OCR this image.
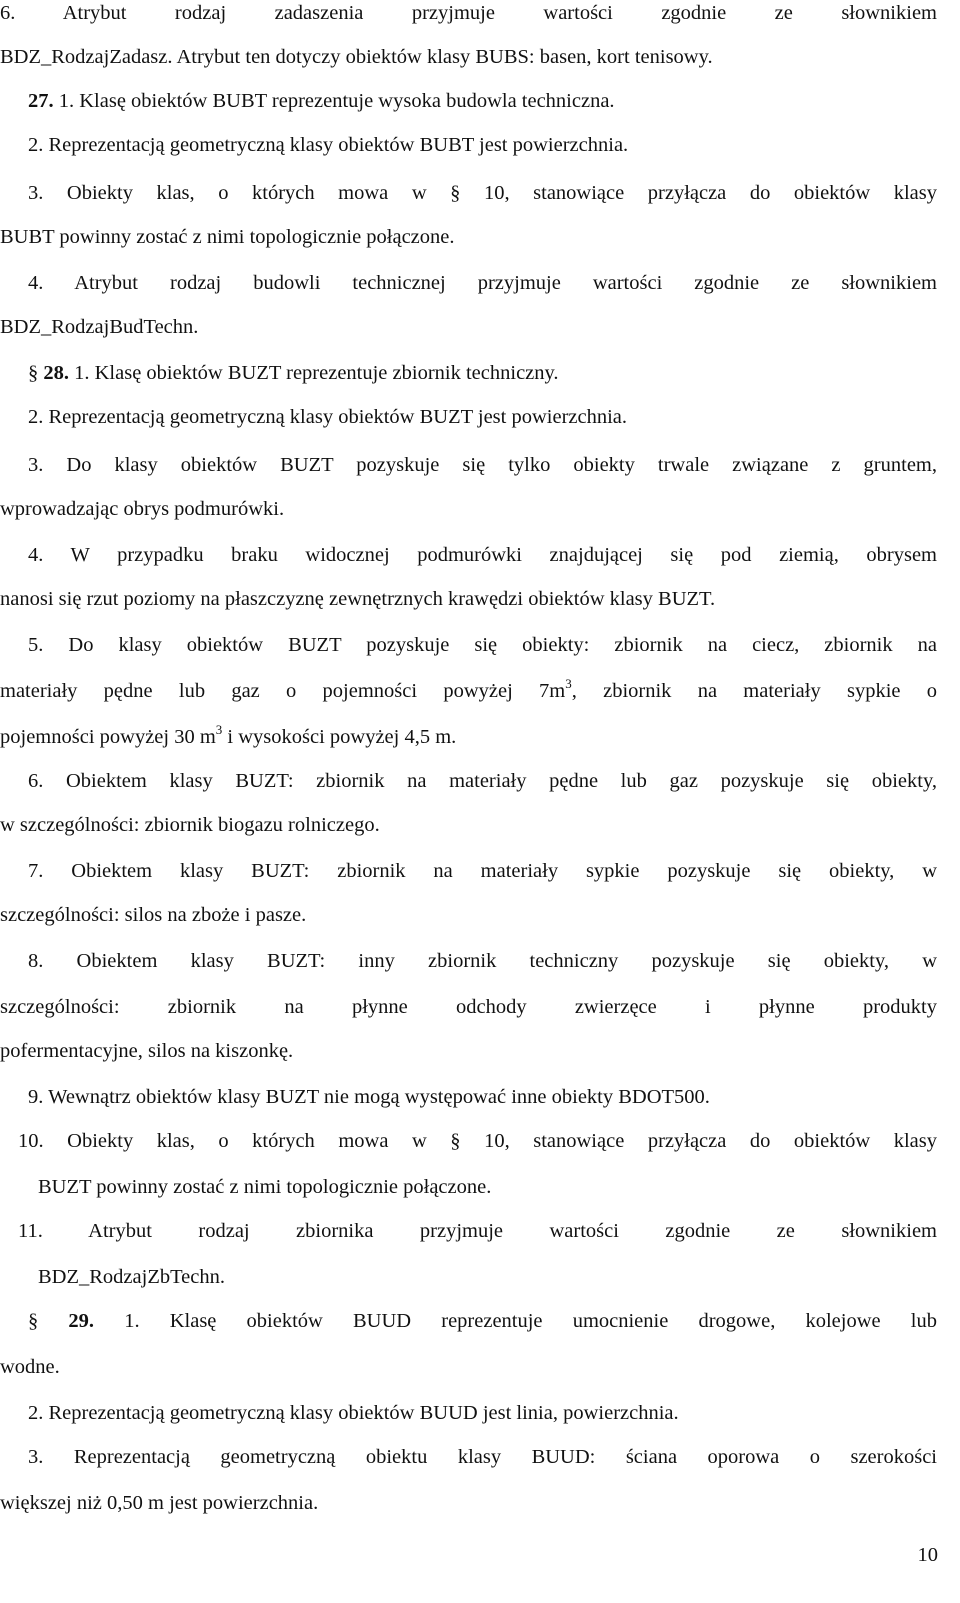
6. Atrybut rodzaj zadaszenia przyjmuje wartości zgodnie ze słownikiem
BDZ_RodzajZadasz. Atrybut ten dotyczy obiektów klasy BUBS: basen, kort tenisowy.
27. 1. Klasę obiektów BUBT reprezentuje wysoka budowla techniczna.
2. Reprezentacją geometryczną klasy obiektów BUBT jest powierzchnia.
3. Obiekty klas, o których mowa w § 10, stanowiące przyłącza do obiektów klasy
BUBT powinny zostać z nimi topologicznie połączone.
4. Atrybut rodzaj budowli technicznej przyjmuje wartości zgodnie ze słownikiem
BDZ_RodzajBudTechn.
§ 28. 1. Klasę obiektów BUZT reprezentuje zbiornik techniczny.
2. Reprezentacją geometryczną klasy obiektów BUZT jest powierzchnia.
3. Do klasy obiektów BUZT pozyskuje się tylko obiekty trwale związane z gruntem,
wprowadzając obrys podmurówki.
4. W przypadku braku widocznej podmurówki znajdującej się pod ziemią, obrysem
nanosi się rzut poziomy na płaszczyznę zewnętrznych krawędzi obiektów klasy BUZT.
5. Do klasy obiektów BUZT pozyskuje się obiekty: zbiornik na ciecz, zbiornik na
materiały pędne lub gaz o pojemności powyżej $7m^3$, zbiornik na materiały sypkie o
pojemności powyżej 30 $m^3$ i wysokości powyżej 4,5 m.
6. Obiektem klasy BUZT: zbiornik na materiały pędne lub gaz pozyskuje się obiekty,
w szczególności: zbiornik biogazu rolniczego.
7. Obiektem klasy BUZT: zbiornik na materiały sypkie pozyskuje się obiekty, w
szczególności: silos na zboże i pasze.
8. Obiektem klasy BUZT: inny zbiornik techniczny pozyskuje się obiekty, w
szczególności: zbiornik na płynne odchody zwierzęce i płynne produkty
pofermentacyjne, silos na kiszonkę.
9. Wewnątrz obiektów klasy BUZT nie mogą występować inne obiekty BDOT500.
10. Obiekty klas, o których mowa w § 10, stanowiące przyłącza do obiektów klasy
BUZT powinny zostać z nimi topologicznie połączone.
11. Atrybut rodzaj zbiornika przyjmuje wartości zgodnie ze słownikiem
BDZ_RodzajZbTechn.
§ 29. 1. Klasę obiektów BUUD reprezentuje umocnienie drogowe, kolejowe lub
wodne.
2. Reprezentacją geometryczną klasy obiektów BUUD jest linia, powierzchnia.
3. Reprezentacją geometryczną obiektu klasy BUUD: ściana oporowa o szerokości
większej niż 0,50 m jest powierzchnia.
10
